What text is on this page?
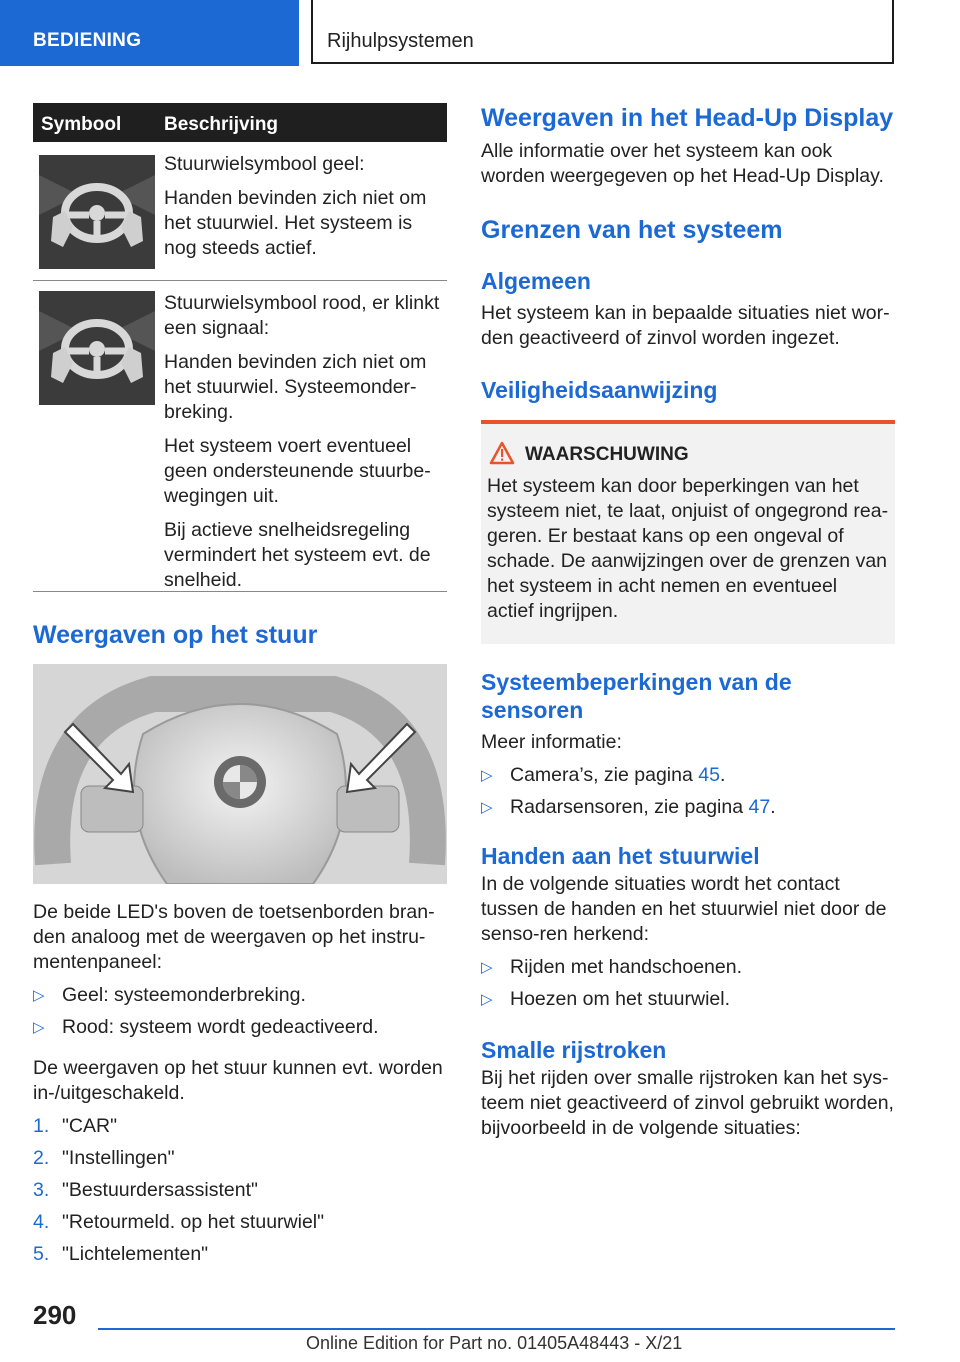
BEDIENING	Rijhulpsystemen
Symbool Beschrijving

Stuurwielsymbool geel:

Handen bevinden zich niet om het stuurwiel. Het systeem is nog steeds actief.

Stuurwielsymbool rood, er klinkt een signaal:

Handen bevinden zich niet om het stuurwiel. Systeemonder-breking.

Het systeem voert eventueel geen ondersteunende stuurbe-wegingen uit.

Bij actieve snelheidsregeling vermindert het systeem evt. de snelheid.

Weergaven op het stuur

De beide LED's boven de toetsenborden bran-den analoog met de weergaven op het instru-mentenpaneel:

▷ Geel: systeemonderbreking.
▷ Rood: systeem wordt gedeactiveerd.

De weergaven op het stuur kunnen evt. worden in-/uitgeschakeld.

1. "CAR"
2. "Instellingen"
3. "Bestuurdersassistent"
4. "Retourmeld. op het stuurwiel"
5. "Lichtelementen"
Weergaven in het Head-Up Display

Alle informatie over het systeem kan ook worden weergegeven op het Head-Up Display.

Grenzen van het systeem
Algemeen

Het systeem kan in bepaalde situaties niet wor-den geactiveerd of zinvol worden ingezet.

Veiligheidsaanwijzing
WAARSCHUWING

Het systeem kan door beperkingen van het systeem niet, te laat, onjuist of ongegrond rea-geren. Er bestaat kans op een ongeval of schade. De aanwijzingen over de grenzen van het systeem in acht nemen en eventueel actief ingrijpen.

Systeembeperkingen van de sensoren

Meer informatie:

▷ Camera’s, zie pagina 45.
▷ Radarsensoren, zie pagina 47.
Handen aan het stuurwiel

In de volgende situaties wordt het contact tussen de handen en het stuurwiel niet door de senso-ren herkend:

▷ Rijden met handschoenen.
▷ Hoezen om het stuurwiel.
Smalle rijstroken

Bij het rijden over smalle rijstroken kan het sys-teem niet geactiveerd of zinvol gebruikt worden, bijvoorbeeld in de volgende situaties:

290
Online Edition for Part no. 01405A48443 - X/21
